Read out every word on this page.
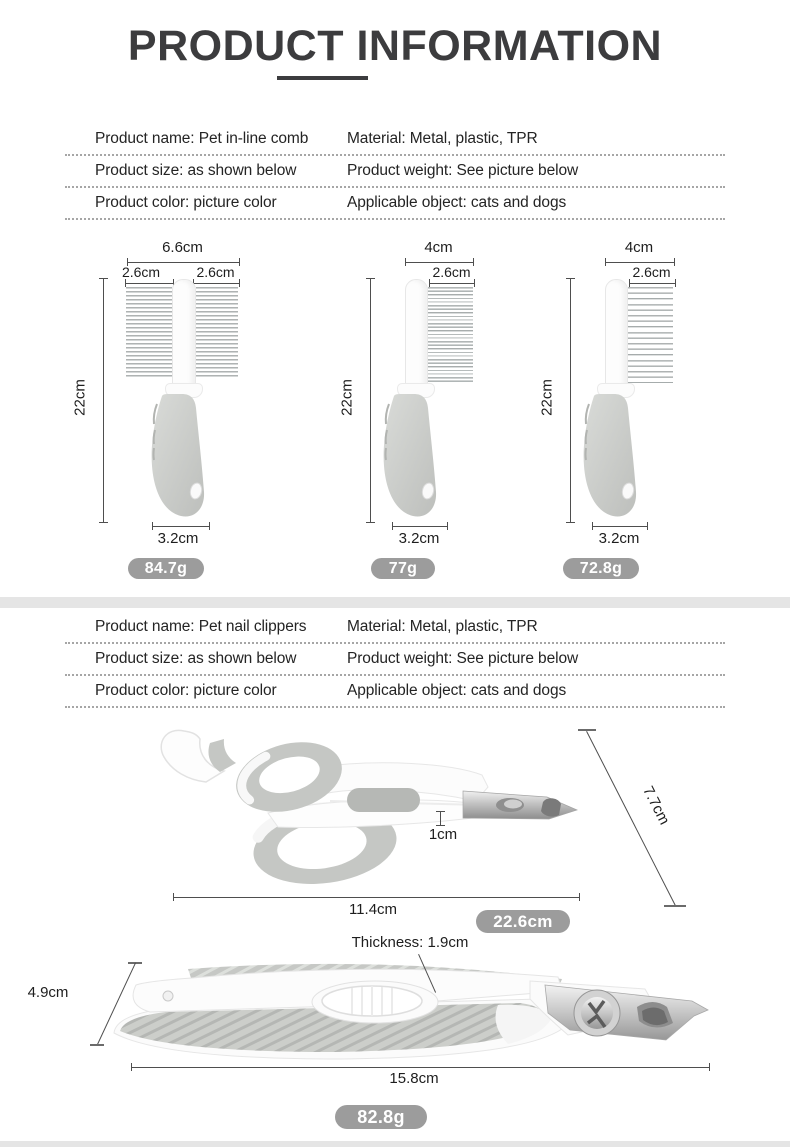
PRODUCT INFORMATION
Product name: Pet in-line comb	Material: Metal, plastic, TPR
Product size: as shown below	Product weight: See picture below
Product color: picture color	Applicable object: cats and dogs
6.6cm
2.6cm	2.6cm
22cm
3.2cm
84.7g
4cm
2.6cm
22cm
3.2cm
77g
4cm
2.6cm
22cm
3.2cm
72.8g
Product name: Pet nail clippers	Material: Metal, plastic, TPR
Product size: as shown below	Product weight: See picture below
Product color: picture color	Applicable object: cats and dogs
7.7cm
1cm
11.4cm
22.6cm
Thickness: 1.9cm
4.9cm
15.8cm
82.8g
